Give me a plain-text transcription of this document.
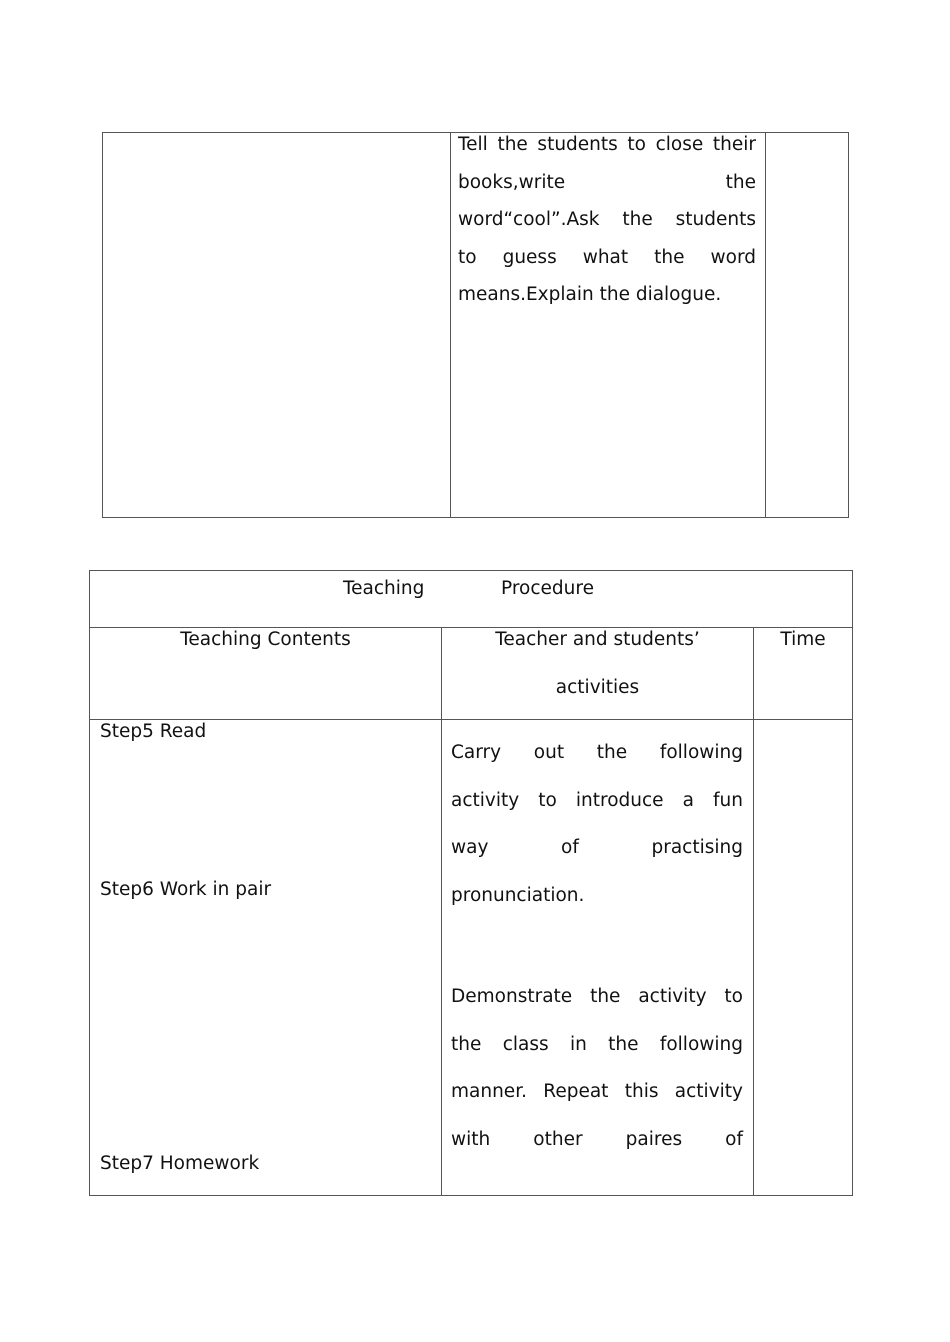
Tell the students to close their
books,write the
word“cool”.Ask the students
to guess what the word
means.Explain the dialogue.
Teaching	Procedure
Teaching Contents	Teacher and students’
activities
Time
Step5 Read
Step6 Work in pair
Step7 Homework
Carry out the following
activity to introduce a fun
way of practising
pronunciation.
Demonstrate the activity to
the class in the following
manner. Repeat this activity
with other paires of
